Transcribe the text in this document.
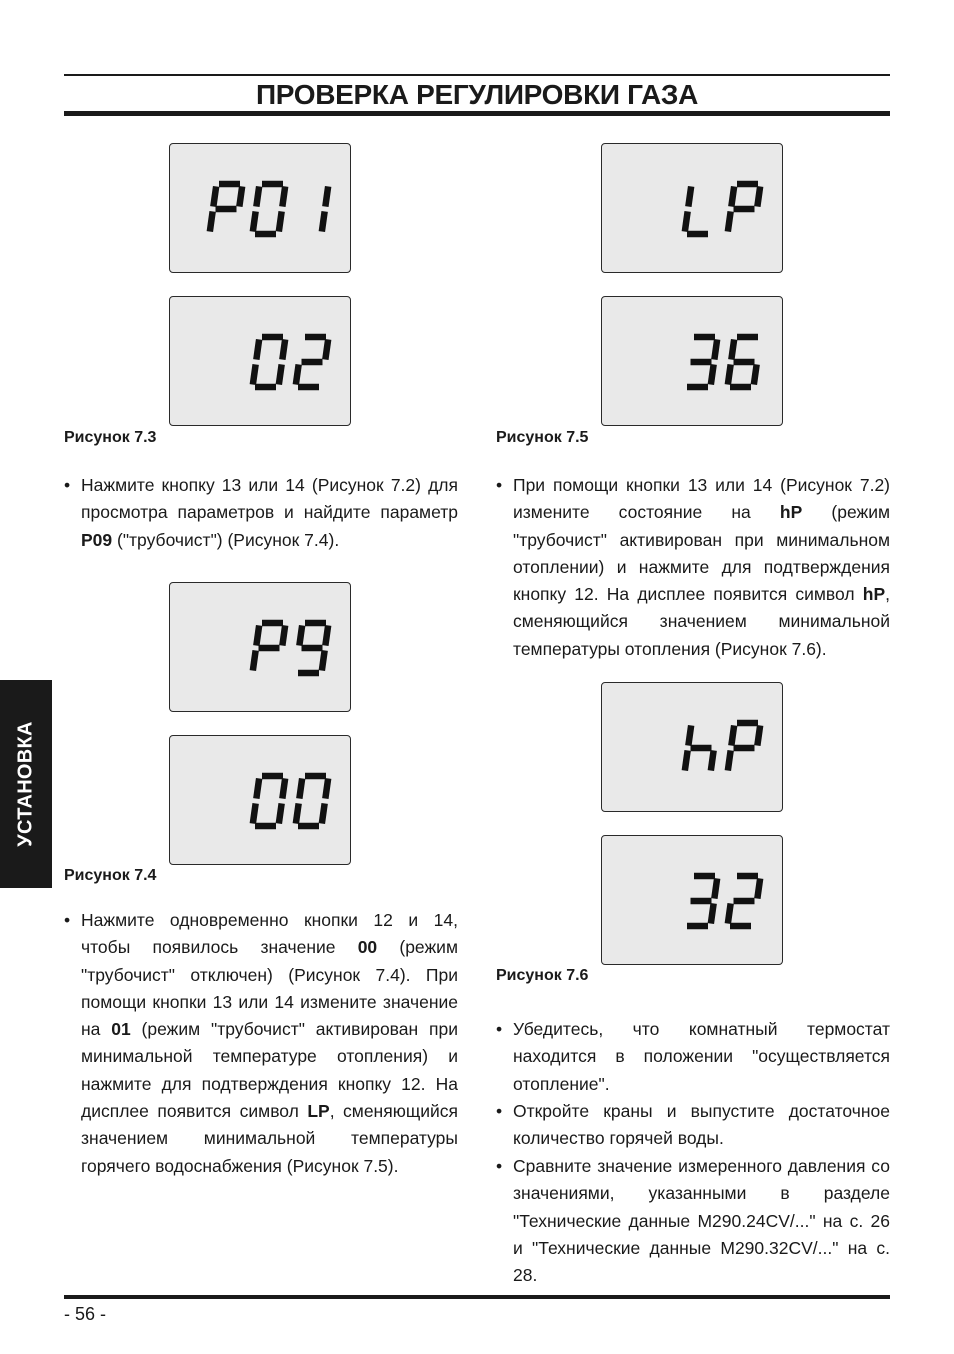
ПРОВЕРКА РЕГУЛИРОВКИ ГАЗА
Рисунок 7.3
• Нажмите кнопку 13 или 14 (Рисунок 7.2) для просмотра параметров и найдите параметр P09 ("трубочист") (Рисунок 7.4).
Рисунок 7.4
• Нажмите одновременно кнопки 12 и 14, чтобы появилось значение 00 (режим "трубочист" отключен) (Рисунок 7.4). При помощи кнопки 13 или 14 измените значение на 01 (режим "трубочист" активирован при минимальной температуре отопления) и нажмите для подтверждения кнопку 12. На дисплее появится символ LP, сменяющийся значением минимальной температуры горячего водоснабжения (Рисунок 7.5).
Рисунок 7.5
• При помощи кнопки 13 или 14 (Рисунок 7.2) измените состояние на hP (режим "трубочист" активирован при минимальном отоплении) и нажмите для подтверждения кнопку 12. На дисплее появится символ hP, сменяющийся значением минимальной температуры отопления (Рисунок 7.6).
Рисунок 7.6
• Убедитесь, что комнатный термостат находится в положении "осуществляется отопление".
• Откройте краны и выпустите достаточное количество горячей воды.
• Сравните значение измеренного давления со значениями, указанными в разделе "Технические данные M290.24CV/..." на с. 26 и "Технические данные M290.32CV/..." на с. 28.
УСТАНОВКА
- 56 -
